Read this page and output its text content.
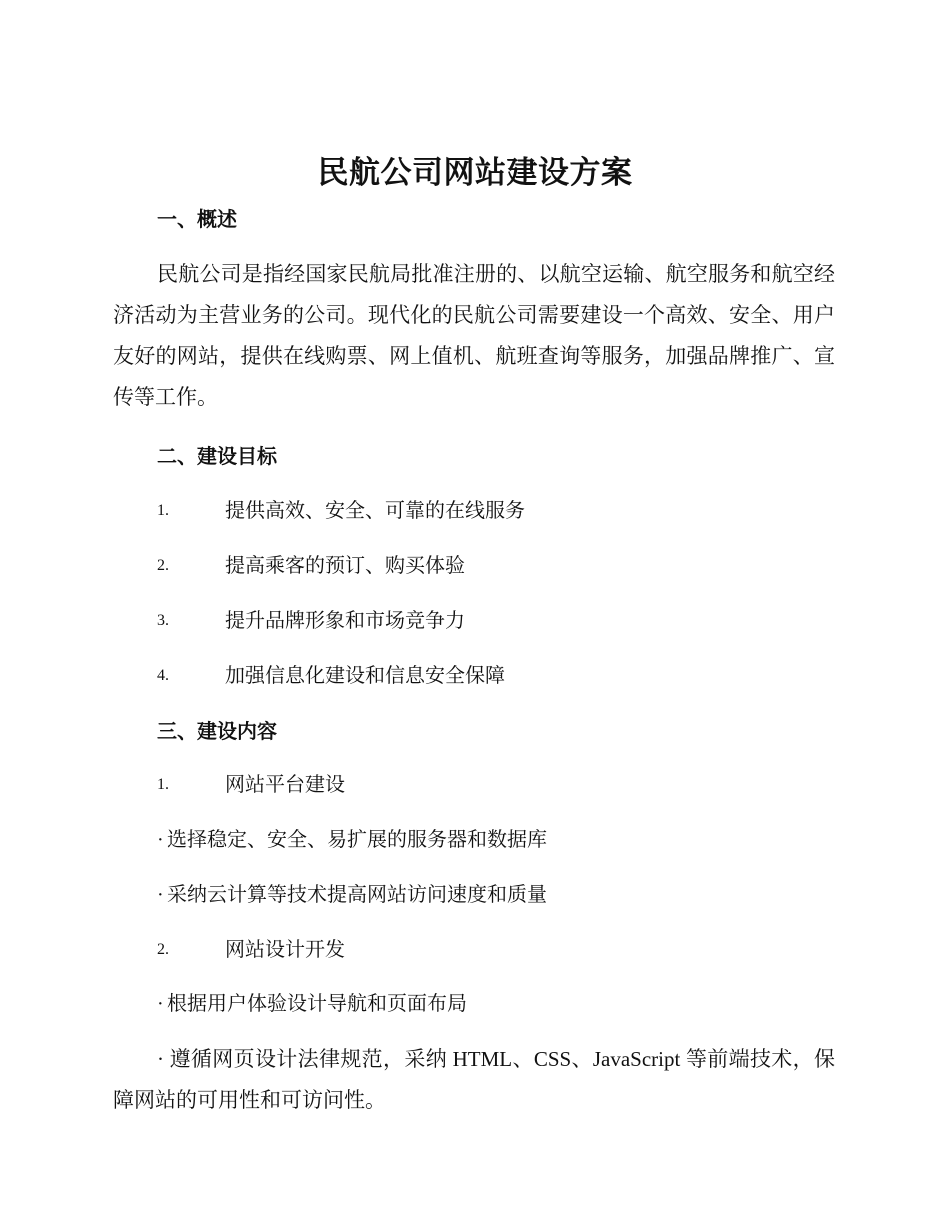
民航公司网站建设方案
一、概述

民航公司是指经国家民航局批准注册的、以航空运输、航空服务和航空经济活动为主营业务的公司。现代化的民航公司需要建设一个高效、安全、用户友好的网站，提供在线购票、网上值机、航班查询等服务，加强品牌推广、宣传等工作。

二、建设目标
1.	提供高效、安全、可靠的在线服务
2.	提高乘客的预订、购买体验
3.	提升品牌形象和市场竞争力
4.	加强信息化建设和信息安全保障
三、建设内容
1.	网站平台建设
· 选择稳定、安全、易扩展的服务器和数据库
· 采纳云计算等技术提高网站访问速度和质量
2.	网站设计开发
· 根据用户体验设计导航和页面布局

· 遵循网页设计法律规范，采纳 HTML、CSS、JavaScript 等前端技术，保障网站的可用性和可访问性。
